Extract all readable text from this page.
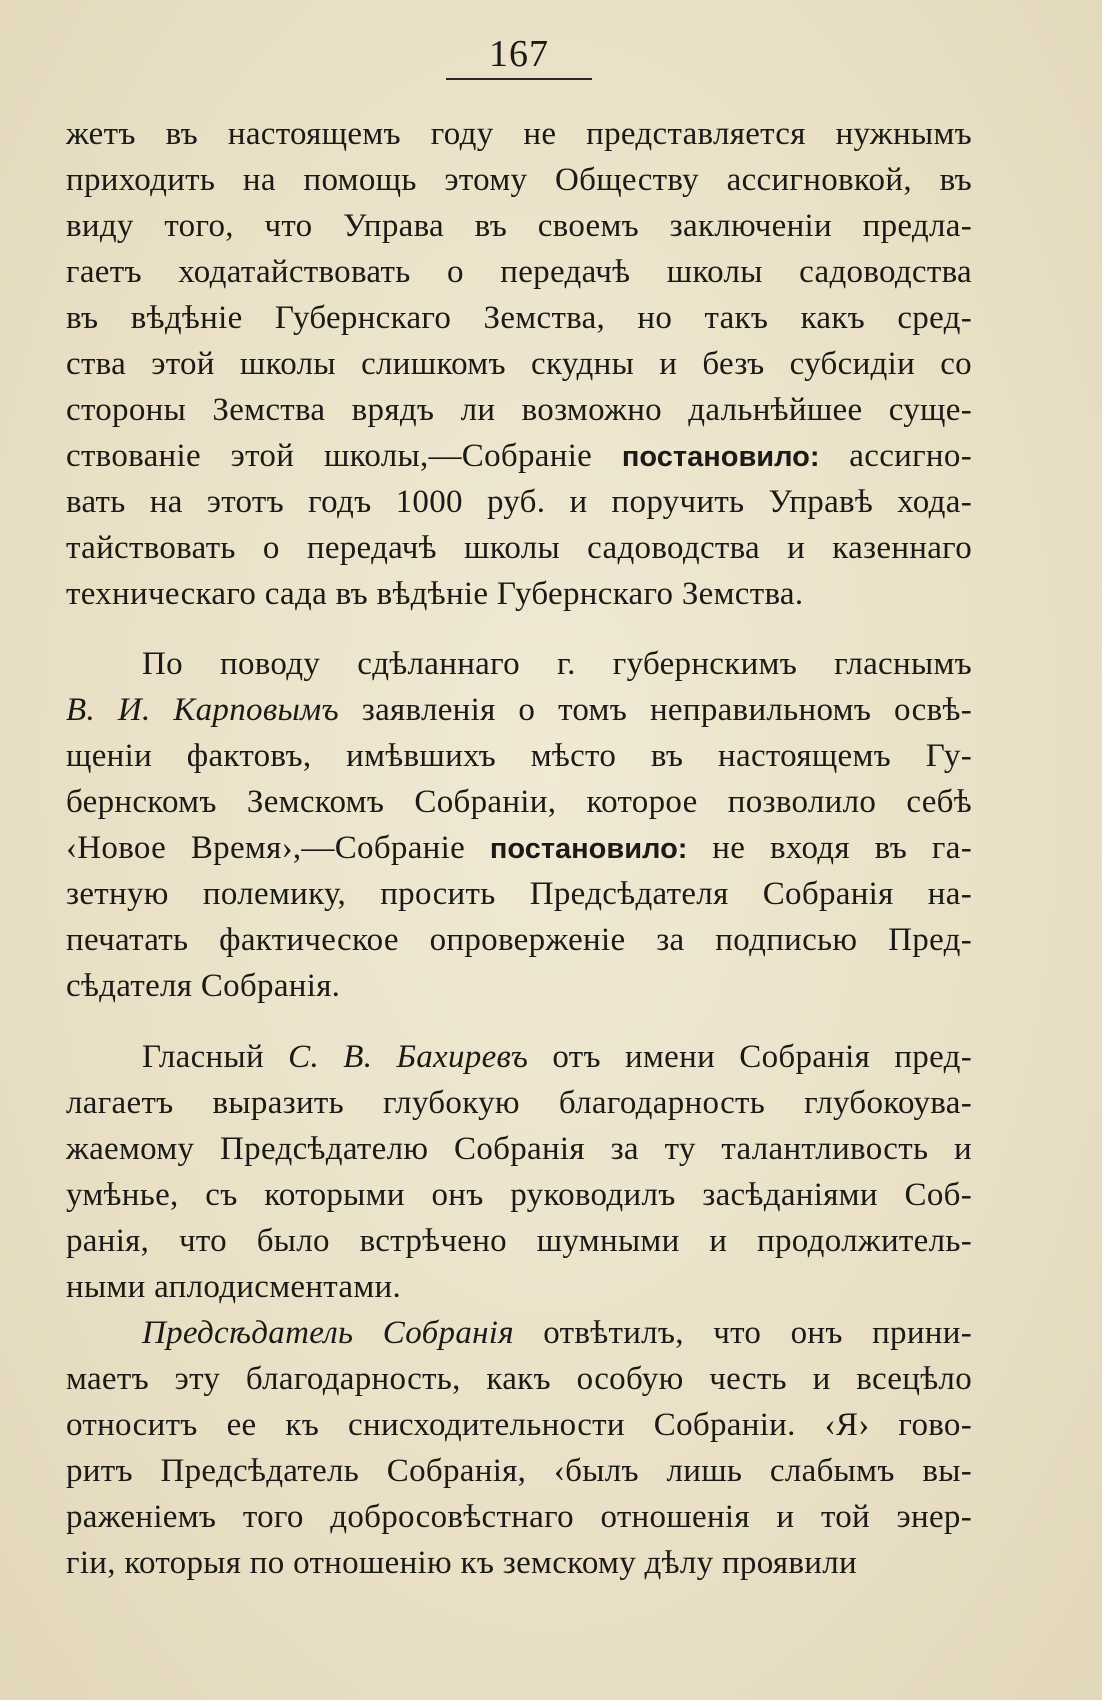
167
жетъ въ настоящемъ году не представляется нужнымъ
приходить на помощь этому Обществу ассигновкой, въ
виду того, что Управа въ своемъ заключенiи предла-
гаетъ ходатайствовать о передачѣ школы садоводства
въ вѣдѣнiе Губернскаго Земства, но такъ какъ сред-
ства этой школы слишкомъ скудны и безъ субсидiи со
стороны Земства врядъ ли возможно дальнѣйшее суще-
ствованiе этой школы,—Собранiе постановило: ассигно-
вать на этотъ годъ 1000 руб. и поручить Управѣ хода-
тайствовать о передачѣ школы садоводства и казеннаго
техническаго сада въ вѣдѣнiе Губернскаго Земства.
По поводу сдѣланнаго г. губернскимъ гласнымъ
В. И. Карповымъ заявленiя о томъ неправильномъ освѣ-
щенiи фактовъ, имѣвшихъ мѣсто въ настоящемъ Гу-
бернскомъ Земскомъ Собранiи, которое позволило себѣ
‹Новое Время›,—Собранiе постановило: не входя въ га-
зетную полемику, просить Предсѣдателя Собранiя на-
печатать фактическое опроверженiе за подписью Пред-
сѣдателя Собранiя.
Гласный С. В. Бахиревъ отъ имени Собранiя пред-
лагаетъ выразить глубокую благодарность глубокоува-
жаемому Предсѣдателю Собранiя за ту талантливость и
умѣнье, съ которыми онъ руководилъ засѣданiями Соб-
ранiя, что было встрѣчено шумными и продолжитель-
ными аплодисментами.
Предсѣдатель Собранiя отвѣтилъ, что онъ прини-
маетъ эту благодарность, какъ особую честь и всецѣло
относитъ ее къ снисходительности Собранiи. ‹Я› гово-
ритъ Предсѣдатель Собранiя, ‹былъ лишь слабымъ вы-
раженiемъ того добросовѣстнаго отношенiя и той энер-
гiи, которыя по отношенiю къ земскому дѣлу проявили
